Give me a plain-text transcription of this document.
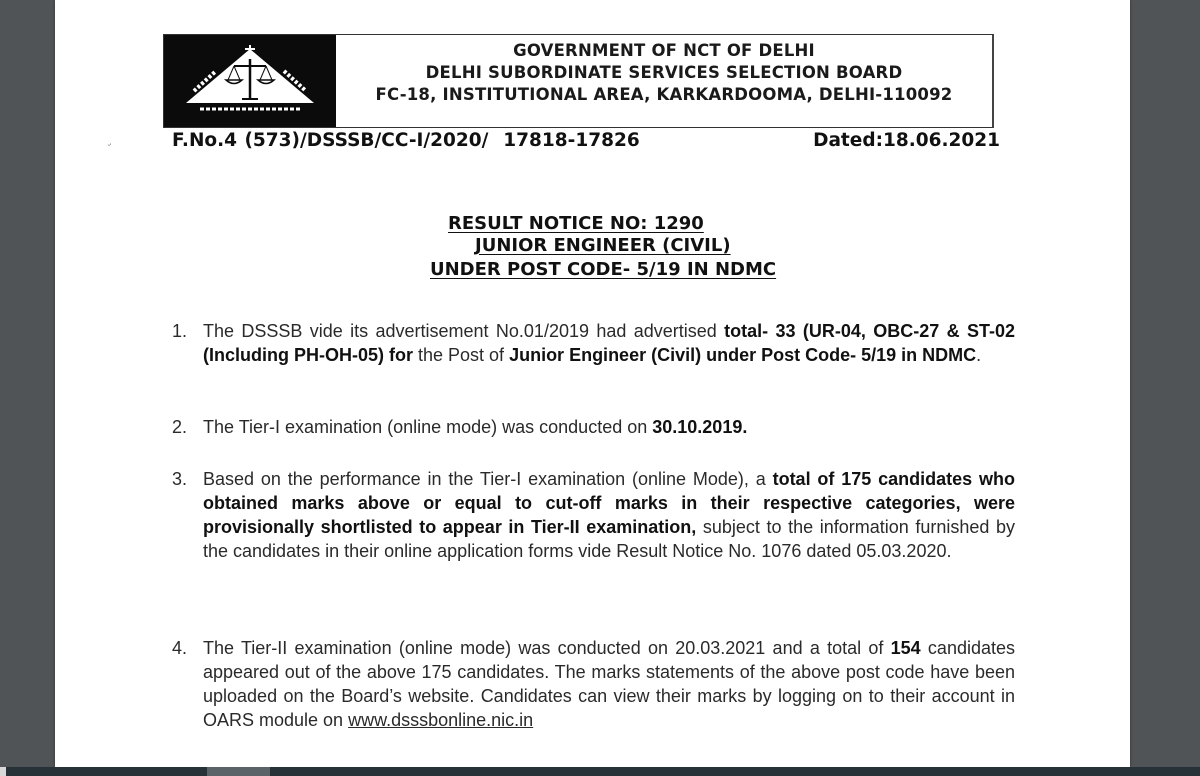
GOVERNMENT OF NCT OF DELHI
DELHI SUBORDINATE SERVICES SELECTION BOARD
FC-18, INSTITUTIONAL AREA, KARKARDOOMA, DELHI-110092
˘	F.No.4 (573)/DSSSB/CC-I/2020/  17818-17826	Dated:18.06.2021
RESULT NOTICE NO: 1290
JUNIOR ENGINEER (CIVIL)
UNDER POST CODE- 5/19 IN NDMC
1. The DSSSB vide its advertisement No.01/2019 had advertised total- 33 (UR-04, OBC-27 & ST-02 (Including PH-OH-05) for the Post of Junior Engineer (Civil) under Post Code- 5/19 in NDMC.
2. The Tier-I examination (online mode) was conducted on 30.10.2019.
3. Based on the performance in the Tier-I examination (online Mode), a total of 175 candidates who obtained marks above or equal to cut-off marks in their respective categories, were provisionally shortlisted to appear in Tier-II examination, subject to the information furnished by the candidates in their online application forms vide Result Notice No. 1076 dated 05.03.2020.
4. The Tier-II examination (online mode) was conducted on 20.03.2021 and a total of 154 candidates appeared out of the above 175 candidates. The marks statements of the above post code have been uploaded on the Board’s website. Candidates can view their marks by logging on to their account in OARS module on www.dsssbonline.nic.in
